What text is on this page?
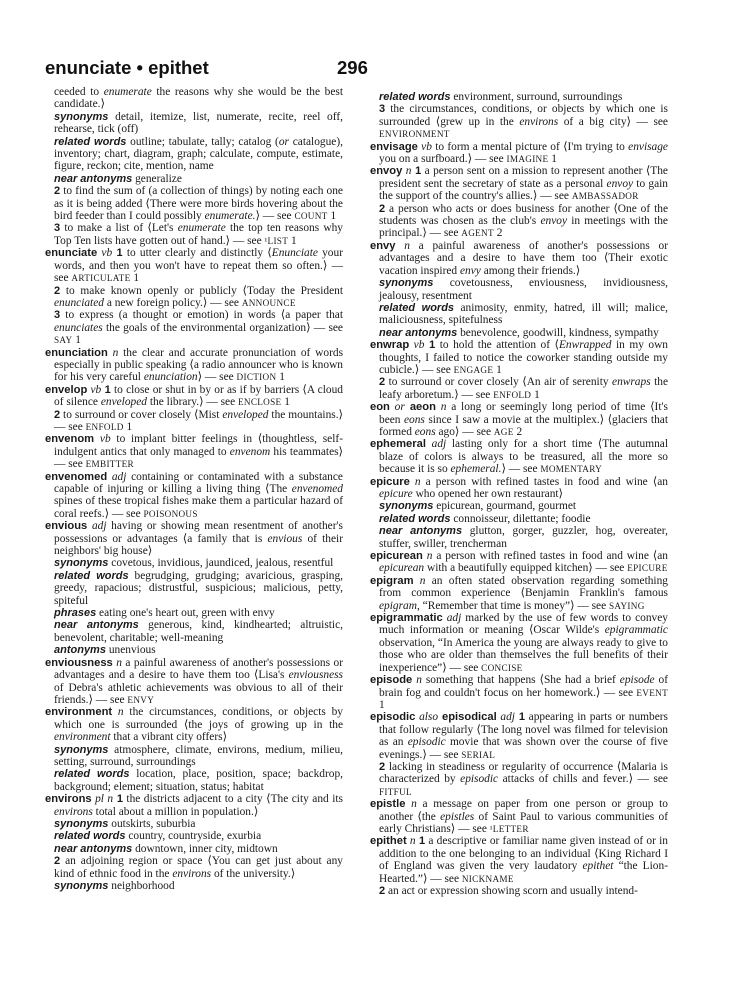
enunciate • epithet	296

ceeded to enumerate the reasons why she would be the best candidate.⟩

synonyms detail, itemize, list, numerate, recite, reel off, rehearse, tick (off)

related words outline; tabulate, tally; catalog (or catalogue), inventory; chart, diagram, graph; calculate, compute, estimate, figure, reckon; cite, mention, name

near antonyms generalize

2 to find the sum of (a collection of things) by noting each one as it is being added ⟨There were more birds hovering about the bird feeder than I could possibly enumerate.⟩ — see COUNT 1

3 to make a list of ⟨Let's enumerate the top ten reasons why Top Ten lists have gotten out of hand.⟩ — see ¹LIST 1

enunciate vb 1 to utter clearly and distinctly ⟨Enunciate your words, and then you won't have to repeat them so often.⟩ — see ARTICULATE 1

2 to make known openly or publicly ⟨Today the President enunciated a new foreign policy.⟩ — see ANNOUNCE

3 to express (a thought or emotion) in words ⟨a paper that enunciates the goals of the environmental organization⟩ — see SAY 1

enunciation n the clear and accurate pronunciation of words especially in public speaking ⟨a radio announcer who is known for his very careful enunciation⟩ — see DICTION 1

envelop vb 1 to close or shut in by or as if by barriers ⟨A cloud of silence enveloped the library.⟩ — see ENCLOSE 1

2 to surround or cover closely ⟨Mist enveloped the mountains.⟩ — see ENFOLD 1

envenom vb to implant bitter feelings in ⟨thoughtless, self-indulgent antics that only managed to envenom his teammates⟩ — see EMBITTER

envenomed adj containing or contaminated with a substance capable of injuring or killing a living thing ⟨The envenomed spines of these tropical fishes make them a particular hazard of coral reefs.⟩ — see POISONOUS

envious adj having or showing mean resentment of another's possessions or advantages ⟨a family that is envious of their neighbors' big house⟩

synonyms covetous, invidious, jaundiced, jealous, resentful

related words begrudging, grudging; avaricious, grasping, greedy, rapacious; distrustful, suspicious; malicious, petty, spiteful

phrases eating one's heart out, green with envy

near antonyms generous, kind, kindhearted; altruistic, benevolent, charitable; well-meaning

antonyms unenvious

enviousness n a painful awareness of another's possessions or advantages and a desire to have them too ⟨Lisa's enviousness of Debra's athletic achievements was obvious to all of their friends.⟩ — see ENVY

environment n the circumstances, conditions, or objects by which one is surrounded ⟨the joys of growing up in the environment that a vibrant city offers⟩

synonyms atmosphere, climate, environs, medium, milieu, setting, surround, surroundings

related words location, place, position, space; backdrop, background; element; situation, status; habitat

environs pl n 1 the districts adjacent to a city ⟨The city and its environs total about a million in population.⟩

synonyms outskirts, suburbia

related words country, countryside, exurbia

near antonyms downtown, inner city, midtown

2 an adjoining region or space ⟨You can get just about any kind of ethnic food in the environs of the university.⟩

synonyms neighborhood

related words environment, surround, surroundings

3 the circumstances, conditions, or objects by which one is surrounded ⟨grew up in the environs of a big city⟩ — see ENVIRONMENT

envisage vb to form a mental picture of ⟨I'm trying to envisage you on a surfboard.⟩ — see IMAGINE 1

envoy n 1 a person sent on a mission to represent another ⟨The president sent the secretary of state as a personal envoy to gain the support of the country's allies.⟩ — see AMBASSADOR

2 a person who acts or does business for another ⟨One of the students was chosen as the club's envoy in meetings with the principal.⟩ — see AGENT 2

envy n a painful awareness of another's possessions or advantages and a desire to have them too ⟨Their exotic vacation inspired envy among their friends.⟩

synonyms covetousness, enviousness, invidiousness, jealousy, resentment

related words animosity, enmity, hatred, ill will; malice, maliciousness, spitefulness

near antonyms benevolence, goodwill, kindness, sympathy

enwrap vb 1 to hold the attention of ⟨Enwrapped in my own thoughts, I failed to notice the coworker standing outside my cubicle.⟩ — see ENGAGE 1

2 to surround or cover closely ⟨An air of serenity enwraps the leafy arboretum.⟩ — see ENFOLD 1

eon or aeon n a long or seemingly long period of time ⟨It's been eons since I saw a movie at the multiplex.⟩ ⟨glaciers that formed eons ago⟩ — see AGE 2

ephemeral adj lasting only for a short time ⟨The autumnal blaze of colors is always to be treasured, all the more so because it is so ephemeral.⟩ — see MOMENTARY

epicure n a person with refined tastes in food and wine ⟨an epicure who opened her own restaurant⟩

synonyms epicurean, gourmand, gourmet

related words connoisseur, dilettante; foodie

near antonyms glutton, gorger, guzzler, hog, overeater, stuffer, swiller, trencherman

epicurean n a person with refined tastes in food and wine ⟨an epicurean with a beautifully equipped kitchen⟩ — see EPICURE

epigram n an often stated observation regarding something from common experience ⟨Benjamin Franklin's famous epigram, “Remember that time is money”⟩ — see SAYING

epigrammatic adj marked by the use of few words to convey much information or meaning ⟨Oscar Wilde's epigrammatic observation, “In America the young are always ready to give to those who are older than themselves the full benefits of their inexperience”⟩ — see CONCISE

episode n something that happens ⟨She had a brief episode of brain fog and couldn't focus on her homework.⟩ — see EVENT 1

episodic also episodical adj 1 appearing in parts or numbers that follow regularly ⟨The long novel was filmed for television as an episodic movie that was shown over the course of five evenings.⟩ — see SERIAL

2 lacking in steadiness or regularity of occurrence ⟨Malaria is characterized by episodic attacks of chills and fever.⟩ — see FITFUL

epistle n a message on paper from one person or group to another ⟨the epistles of Saint Paul to various communities of early Christians⟩ — see ¹LETTER

epithet n 1 a descriptive or familiar name given instead of or in addition to the one belonging to an individual ⟨King Richard I of England was given the very laudatory epithet “the Lion-Hearted.”⟩ — see NICKNAME

2 an act or expression showing scorn and usually intend-
